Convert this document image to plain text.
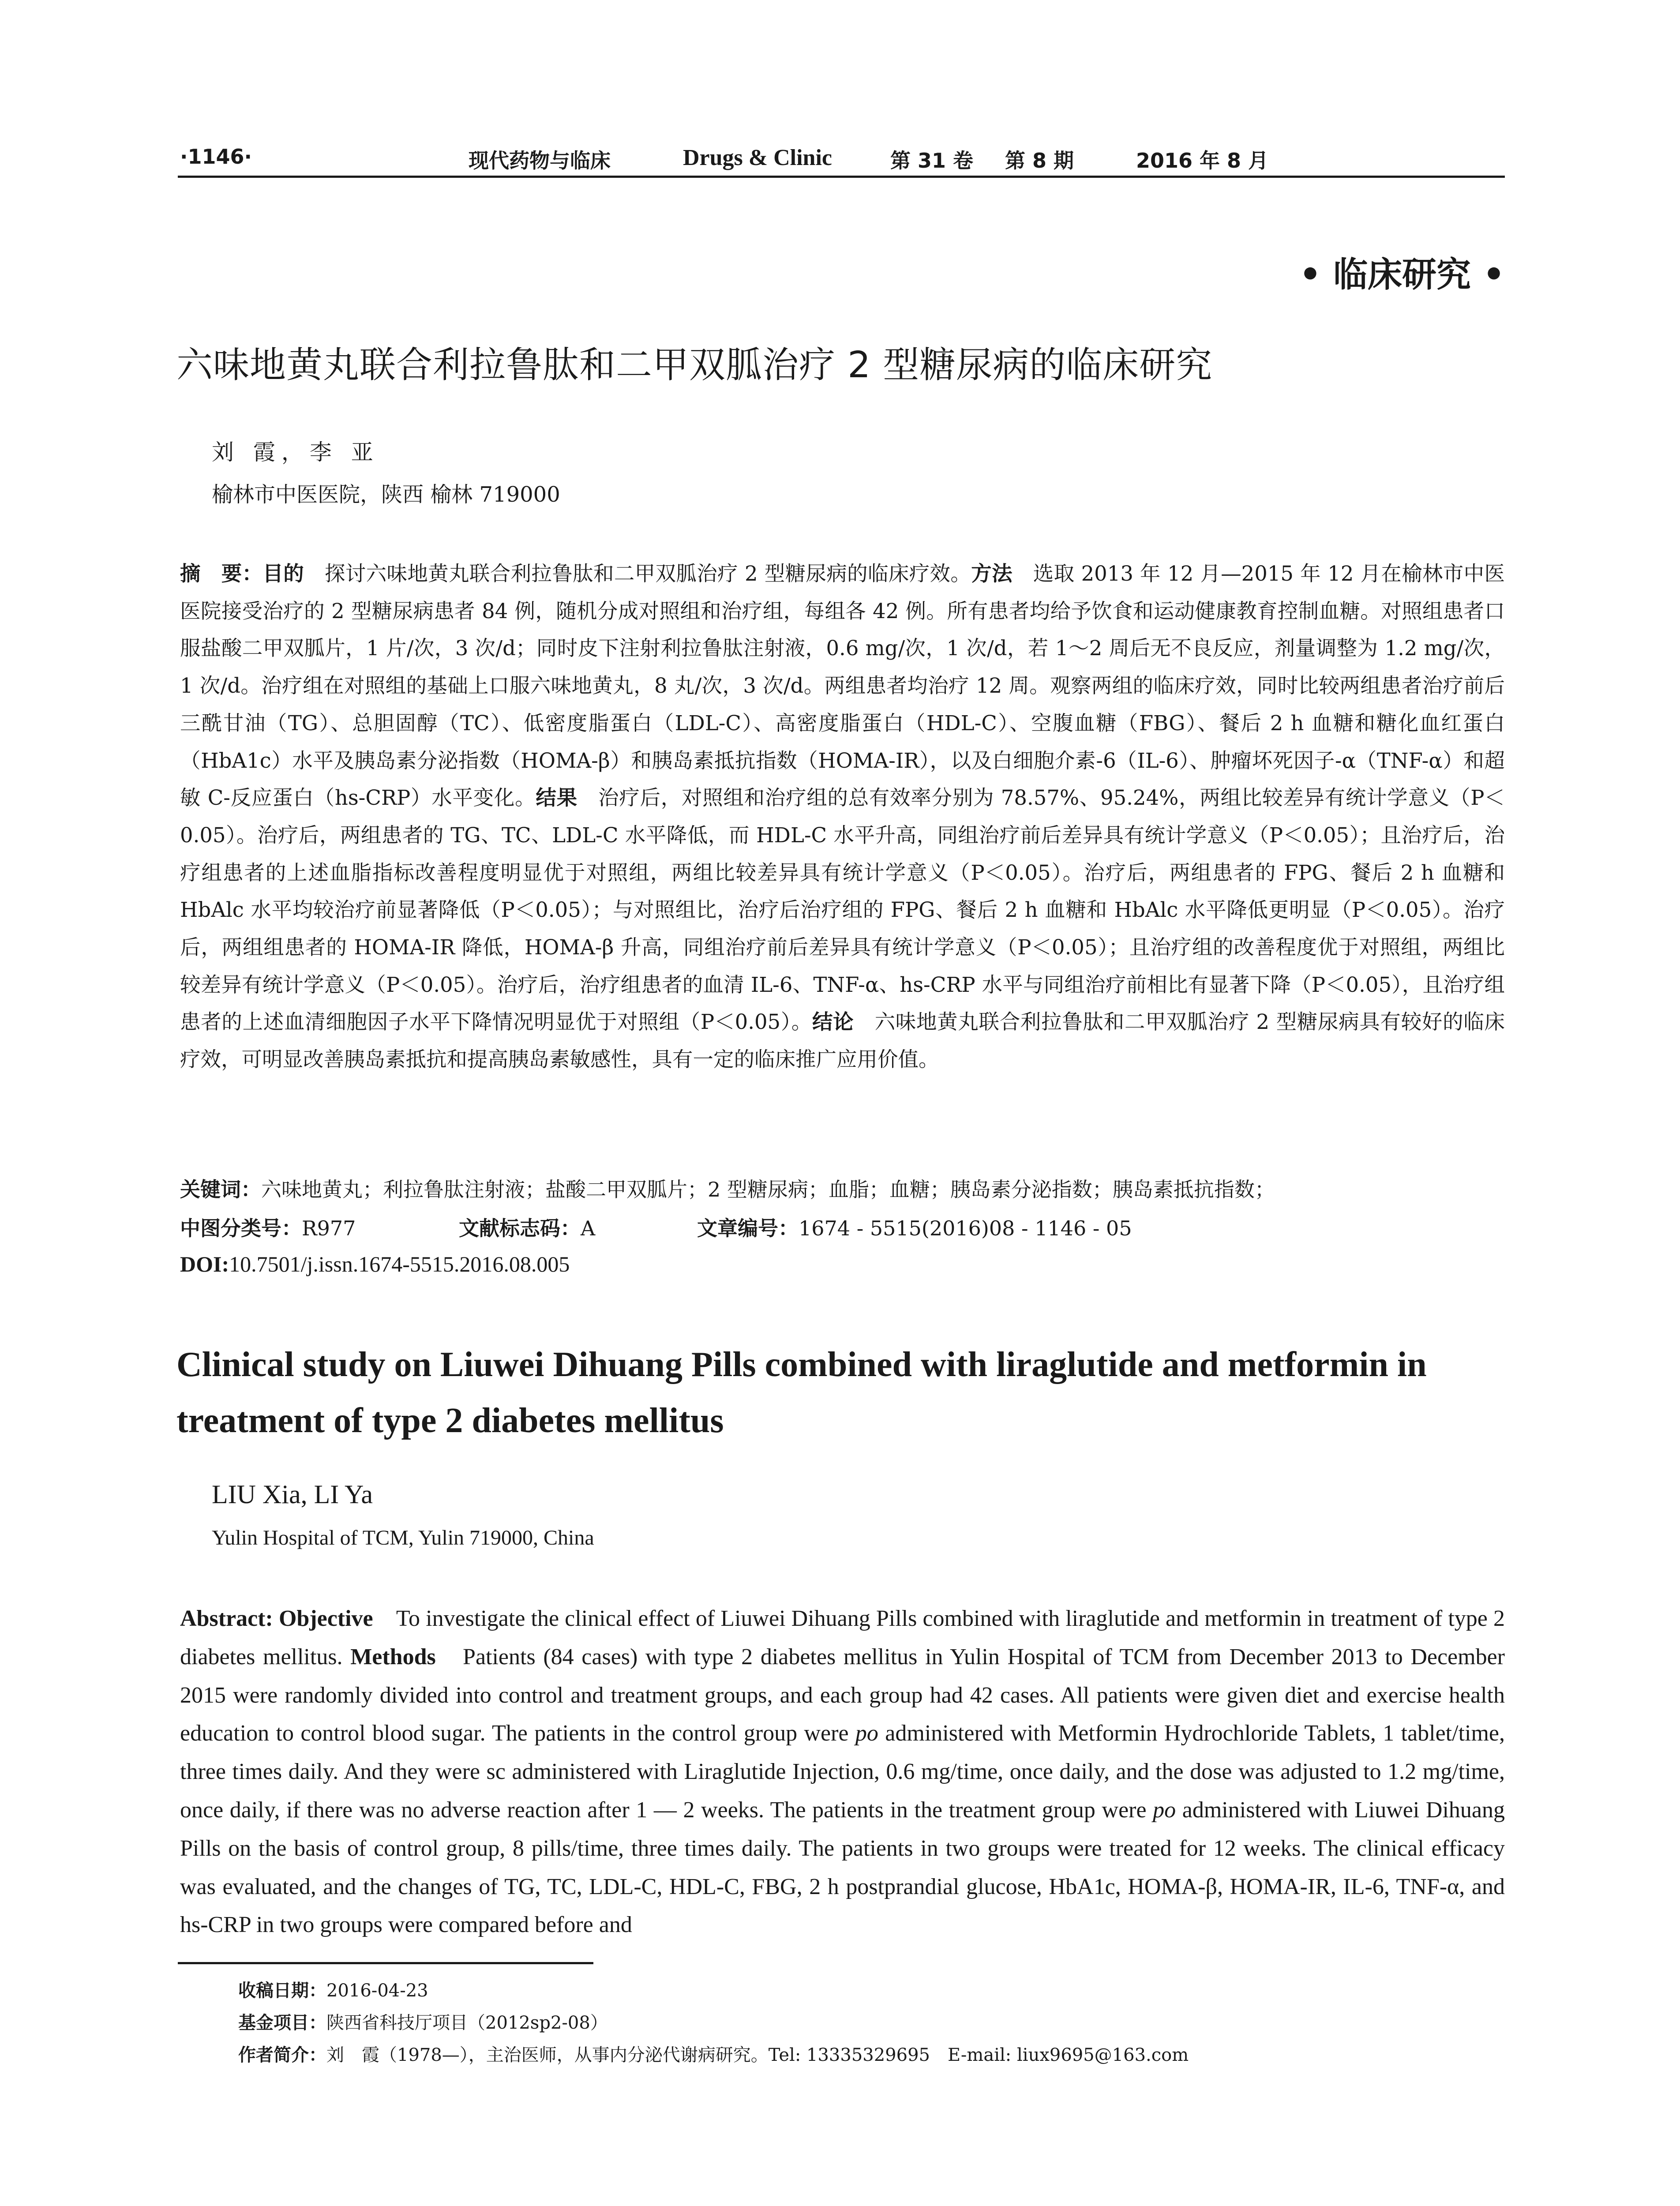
·1146·	现代药物与临床	Drugs & Clinic	第 31 卷 第 8 期	2016 年 8 月
• 临床研究 •
六味地黄丸联合利拉鲁肽和二甲双胍治疗 2 型糖尿病的临床研究
刘 霞，李 亚
榆林市中医医院，陕西 榆林 719000
摘　要：目的　探讨六味地黄丸联合利拉鲁肽和二甲双胍治疗 2 型糖尿病的临床疗效。方法　选取 2013 年 12 月—2015 年 12 月在榆林市中医医院接受治疗的 2 型糖尿病患者 84 例，随机分成对照组和治疗组，每组各 42 例。所有患者均给予饮食和运动健康教育控制血糖。对照组患者口服盐酸二甲双胍片，1 片/次，3 次/d；同时皮下注射利拉鲁肽注射液，0.6 mg/次，1 次/d，若 1～2 周后无不良反应，剂量调整为 1.2 mg/次，1 次/d。治疗组在对照组的基础上口服六味地黄丸，8 丸/次，3 次/d。两组患者均治疗 12 周。观察两组的临床疗效，同时比较两组患者治疗前后三酰甘油（TG）、总胆固醇（TC）、低密度脂蛋白（LDL-C）、高密度脂蛋白（HDL-C）、空腹血糖（FBG）、餐后 2 h 血糖和糖化血红蛋白（HbA1c）水平及胰岛素分泌指数（HOMA-β）和胰岛素抵抗指数（HOMA-IR），以及白细胞介素-6（IL-6）、肿瘤坏死因子-α（TNF-α）和超敏 C-反应蛋白（hs-CRP）水平变化。结果　治疗后，对照组和治疗组的总有效率分别为 78.57%、95.24%，两组比较差异有统计学意义（P＜0.05）。治疗后，两组患者的 TG、TC、LDL-C 水平降低，而 HDL-C 水平升高，同组治疗前后差异具有统计学意义（P＜0.05）；且治疗后，治疗组患者的上述血脂指标改善程度明显优于对照组，两组比较差异具有统计学意义（P＜0.05）。治疗后，两组患者的 FPG、餐后 2 h 血糖和 HbAlc 水平均较治疗前显著降低（P＜0.05）；与对照组比，治疗后治疗组的 FPG、餐后 2 h 血糖和 HbAlc 水平降低更明显（P＜0.05）。治疗后，两组组患者的 HOMA-IR 降低，HOMA-β 升高，同组治疗前后差异具有统计学意义（P＜0.05）；且治疗组的改善程度优于对照组，两组比较差异有统计学意义（P＜0.05）。治疗后，治疗组患者的血清 IL-6、TNF-α、hs-CRP 水平与同组治疗前相比有显著下降（P＜0.05），且治疗组患者的上述血清细胞因子水平下降情况明显优于对照组（P＜0.05）。结论　六味地黄丸联合利拉鲁肽和二甲双胍治疗 2 型糖尿病具有较好的临床疗效，可明显改善胰岛素抵抗和提高胰岛素敏感性，具有一定的临床推广应用价值。
关键词：六味地黄丸；利拉鲁肽注射液；盐酸二甲双胍片；2 型糖尿病；血脂；血糖；胰岛素分泌指数；胰岛素抵抗指数；
中图分类号：R977	文献标志码：A	文章编号：1674 - 5515(2016)08 - 1146 - 05
DOI:10.7501/j.issn.1674-5515.2016.08.005
Clinical study on Liuwei Dihuang Pills combined with liraglutide and metformin in treatment of type 2 diabetes mellitus
LIU Xia, LI Ya
Yulin Hospital of TCM, Yulin 719000, China
Abstract: Objective　To investigate the clinical effect of Liuwei Dihuang Pills combined with liraglutide and metformin in treatment of type 2 diabetes mellitus. Methods　Patients (84 cases) with type 2 diabetes mellitus in Yulin Hospital of TCM from December 2013 to December 2015 were randomly divided into control and treatment groups, and each group had 42 cases. All patients were given diet and exercise health education to control blood sugar. The patients in the control group were po administered with Metformin Hydrochloride Tablets, 1 tablet/time, three times daily. And they were sc administered with Liraglutide Injection, 0.6 mg/time, once daily, and the dose was adjusted to 1.2 mg/time, once daily, if there was no adverse reaction after 1 — 2 weeks. The patients in the treatment group were po administered with Liuwei Dihuang Pills on the basis of control group, 8 pills/time, three times daily. The patients in two groups were treated for 12 weeks. The clinical efficacy was evaluated, and the changes of TG, TC, LDL-C, HDL-C, FBG, 2 h postprandial glucose, HbA1c, HOMA-β, HOMA-IR, IL-6, TNF-α, and hs-CRP in two groups were compared before and
收稿日期：2016-04-23
基金项目：陕西省科技厅项目（2012sp2-08）
作者简介：刘　霞（1978—），主治医师，从事内分泌代谢病研究。Tel: 13335329695　E-mail: liux9695@163.com
